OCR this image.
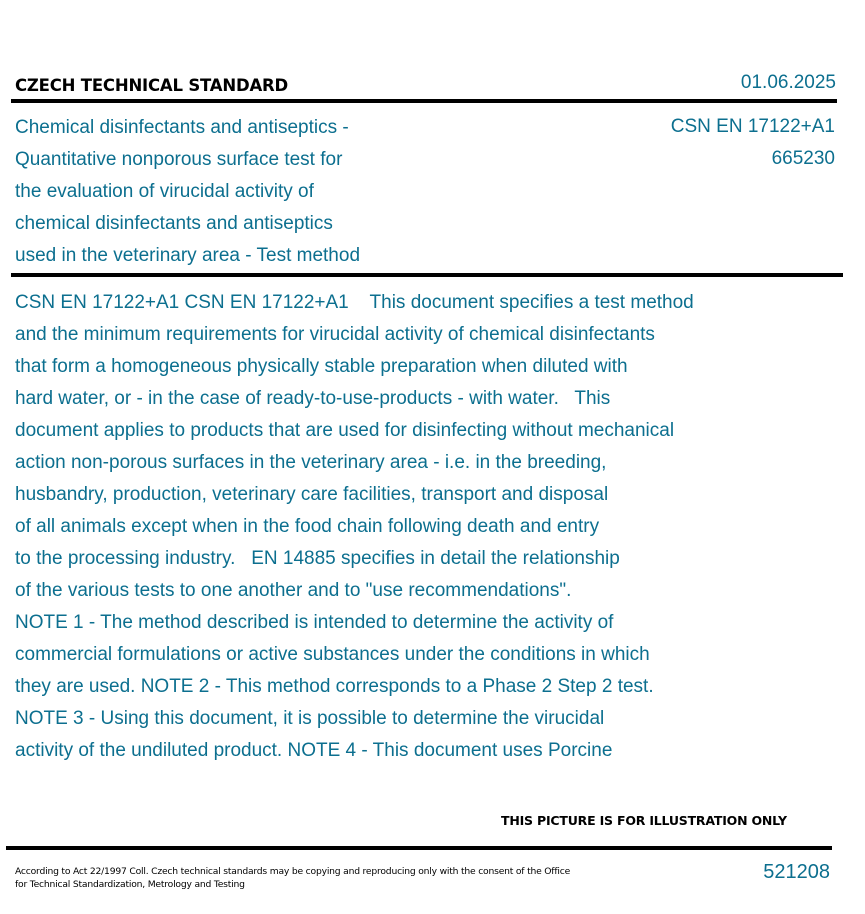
CZECH TECHNICAL STANDARD	01.06.2025

Chemical disinfectants and antiseptics -

Quantitative nonporous surface test for

the evaluation of virucidal activity of

chemical disinfectants and antiseptics

used in the veterinary area - Test method

CSN EN 17122+A1
665230

CSN EN 17122+A1 CSN EN 17122+A1    This document specifies a test method

and the minimum requirements for virucidal activity of chemical disinfectants

that form a homogeneous physically stable preparation when diluted with

hard water, or - in the case of ready-to-use-products - with water.   This

document applies to products that are used for disinfecting without mechanical

action non-porous surfaces in the veterinary area - i.e. in the breeding,

husbandry, production, veterinary care facilities, transport and disposal

of all animals except when in the food chain following death and entry

to the processing industry.   EN 14885 specifies in detail the relationship

of the various tests to one another and to "use recommendations".

NOTE 1 - The method described is intended to determine the activity of

commercial formulations or active substances under the conditions in which

they are used. NOTE 2 - This method corresponds to a Phase 2 Step 2 test.

NOTE 3 - Using this document, it is possible to determine the virucidal

activity of the undiluted product. NOTE 4 - This document uses Porcine

THIS PICTURE IS FOR ILLUSTRATION ONLY
According to Act 22/1997 Coll. Czech technical standards may be copying and reproducing only with the consent of the Office
for Technical Standardization, Metrology and Testing
521208
